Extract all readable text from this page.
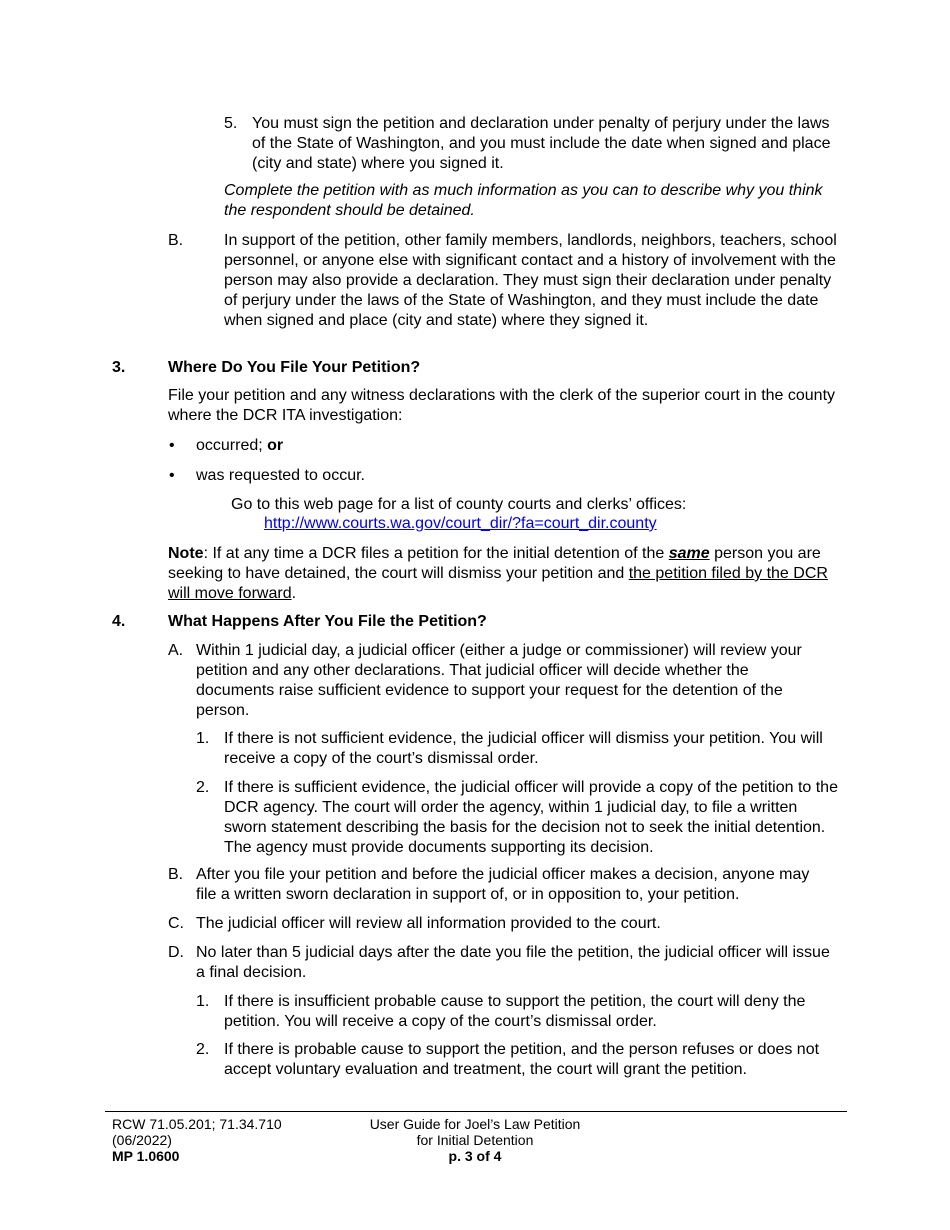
5. You must sign the petition and declaration under penalty of perjury under the laws of the State of Washington, and you must include the date when signed and place (city and state) where you signed it.

Complete the petition with as much information as you can to describe why you think the respondent should be detained.

B.	In support of the petition, other family members, landlords, neighbors, teachers, school personnel, or anyone else with significant contact and a history of involvement with the person may also provide a declaration. They must sign their declaration under penalty of perjury under the laws of the State of Washington, and they must include the date when signed and place (city and state) where they signed it.

3.	Where Do You File Your Petition?

File your petition and any witness declarations with the clerk of the superior court in the county where the DCR ITA investigation:

• occurred; or

• was requested to occur.

Go to this web page for a list of county courts and clerks’ offices:

http://www.courts.wa.gov/court_dir/?fa=court_dir.county

Note: If at any time a DCR files a petition for the initial detention of the same person you are seeking to have detained, the court will dismiss your petition and the petition filed by the DCR will move forward.

4.	What Happens After You File the Petition?
A. Within 1 judicial day, a judicial officer (either a judge or commissioner) will review your petition and any other declarations. That judicial officer will decide whether the documents raise sufficient evidence to support your request for the detention of the person.

1. If there is not sufficient evidence, the judicial officer will dismiss your petition. You will receive a copy of the court’s dismissal order.

2. If there is sufficient evidence, the judicial officer will provide a copy of the petition to the DCR agency. The court will order the agency, within 1 judicial day, to file a written sworn statement describing the basis for the decision not to seek the initial detention. The agency must provide documents supporting its decision.

B. After you file your petition and before the judicial officer makes a decision, anyone may file a written sworn declaration in support of, or in opposition to, your petition.

C. The judicial officer will review all information provided to the court.

D. No later than 5 judicial days after the date you file the petition, the judicial officer will issue a final decision.

1. If there is insufficient probable cause to support the petition, the court will deny the petition. You will receive a copy of the court’s dismissal order.

2. If there is probable cause to support the petition, and the person refuses or does not accept voluntary evaluation and treatment, the court will grant the petition.

RCW 71.05.201; 71.34.710
(06/2022)
MP 1.0600
User Guide for Joel’s Law Petition
for Initial Detention
p. 3 of 4
